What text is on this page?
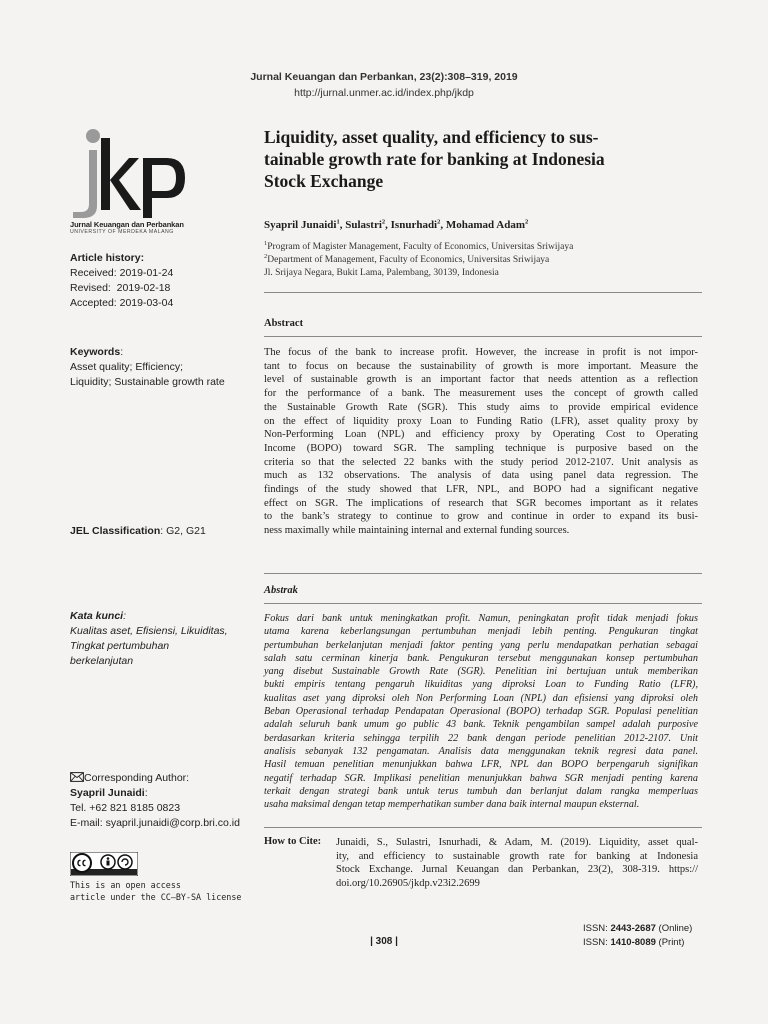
Jurnal Keuangan dan Perbankan, 23(2):308–319, 2019
http://jurnal.unmer.ac.id/index.php/jkdp
Jurnal Keuangan dan Perbankan
UNIVERSITY OF MERDEKA MALANG
Article history:
Received: 2019-01-24
Revised:  2019-02-18
Accepted: 2019-03-04
Keywords:
Asset quality; Efficiency;
Liquidity; Sustainable growth rate
JEL Classification: G2, G21
Kata kunci:
Kualitas aset, Efisiensi, Likuiditas,
Tingkat pertumbuhan
berkelanjutan
Corresponding Author:
Syapril Junaidi:
Tel. +62 821 8185 0823
E-mail: syapril.junaidi@corp.bri.co.id
This is an open access
article under the CC–BY-SA license
Liquidity, asset quality, and efficiency to sus-
tainable growth rate for banking at Indonesia
Stock Exchange
Syapril Junaidi$^1$, Sulastri$^2$, Isnurhadi$^2$, Mohamad Adam$^2$
$^1$Program of Magister Management, Faculty of Economics, Universitas Sriwijaya
$^2$Department of Management, Faculty of Economics, Universitas Sriwijaya
Jl. Srijaya Negara, Bukit Lama, Palembang, 30139, Indonesia
Abstract
The focus of the bank to increase profit. However, the increase in profit is not impor-
tant to focus on because the sustainability of growth is more important. Measure the
level of sustainable growth is an important factor that needs attention as a reflection
for the performance of a bank. The measurement uses the concept of growth called
the Sustainable Growth Rate (SGR). This study aims to provide empirical evidence
on the effect of liquidity proxy Loan to Funding Ratio (LFR), asset quality proxy by
Non-Performing Loan (NPL) and efficiency proxy by Operating Cost to Operating
Income (BOPO) toward SGR. The sampling technique is purposive based on the
criteria so that the selected 22 banks with the study period 2012-2107. Unit analysis as
much as 132 observations. The analysis of data using panel data regression. The
findings of the study showed that LFR, NPL, and BOPO had a significant negative
effect on SGR. The implications of research that SGR becomes important as it relates
to the bank’s strategy to continue to grow and continue in order to expand its busi-
ness maximally while maintaining internal and external funding sources.
Abstrak
Fokus dari bank untuk meningkatkan profit. Namun, peningkatan profit tidak menjadi fokus
utama karena keberlangsungan pertumbuhan menjadi lebih penting. Pengukuran tingkat
pertumbuhan berkelanjutan menjadi faktor penting yang perlu mendapatkan perhatian sebagai
salah satu cerminan kinerja bank. Pengukuran tersebut menggunakan konsep pertumbuhan
yang disebut Sustainable Growth Rate (SGR). Penelitian ini bertujuan untuk memberikan
bukti empiris tentang pengaruh likuiditas yang diproksi Loan to Funding Ratio (LFR),
kualitas aset yang diproksi oleh Non Performing Loan (NPL) dan efisiensi yang diproksi oleh
Beban Operasional terhadap Pendapatan Operasional (BOPO) terhadap SGR. Populasi penelitian
adalah seluruh bank umum go public 43 bank. Teknik pengambilan sampel adalah purposive
berdasarkan kriteria sehingga terpilih 22 bank dengan periode penelitian 2012-2107. Unit
analisis sebanyak 132 pengamatan. Analisis data menggunakan teknik regresi data panel.
Hasil temuan penelitian menunjukkan bahwa LFR, NPL dan BOPO berpengaruh signifikan
negatif terhadap SGR. Implikasi penelitian menunjukkan bahwa SGR menjadi penting karena
terkait dengan strategi bank untuk terus tumbuh dan berlanjut dalam rangka memperluas
usaha maksimal dengan tetap memperhatikan sumber dana baik internal maupun eksternal.
How to Cite: Junaidi, S., Sulastri, Isnurhadi, & Adam, M. (2019). Liquidity, asset qual-
ity, and efficiency to sustainable growth rate for banking at Indonesia
Stock Exchange. Jurnal Keuangan dan Perbankan, 23(2), 308-319. https://
doi.org/10.26905/jkdp.v23i2.2699
ISSN: 2443-2687 (Online)
ISSN: 1410-8089 (Print)
| 308 |
